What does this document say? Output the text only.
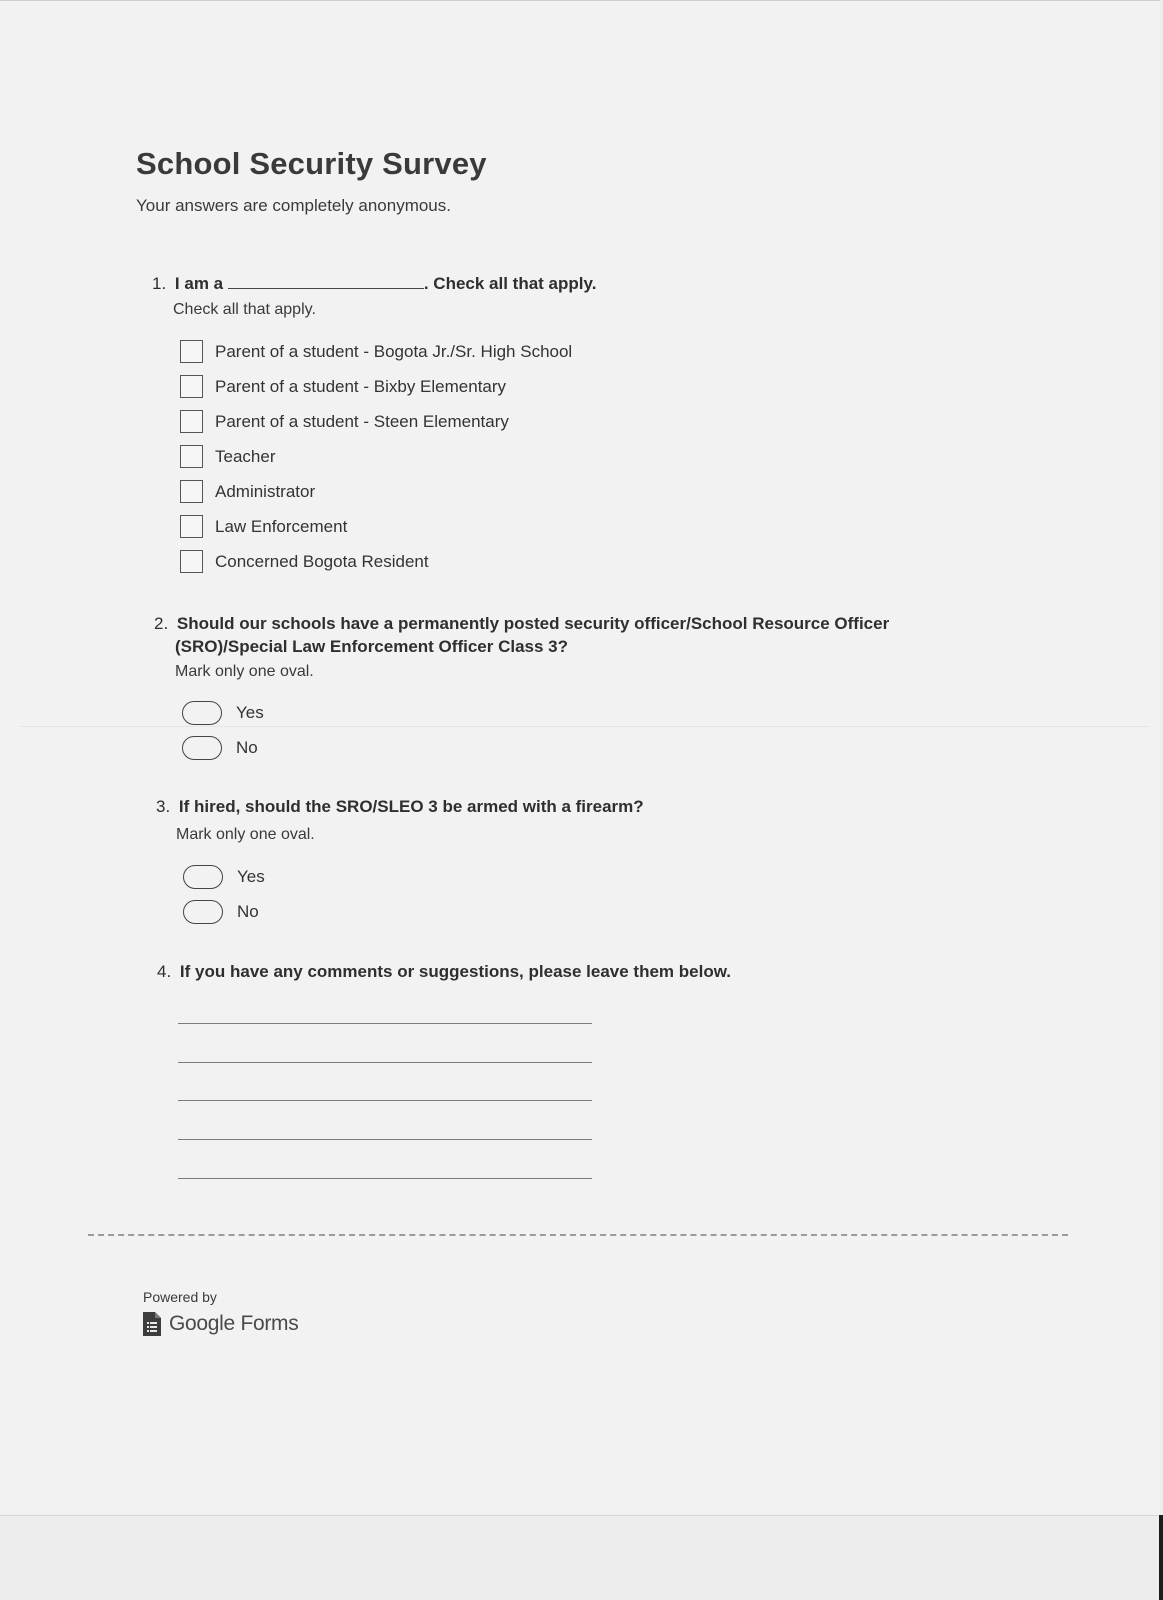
School Security Survey
Your answers are completely anonymous.
1. I am a	. Check all that apply.
Check all that apply.
Parent of a student - Bogota Jr./Sr. High School
Parent of a student - Bixby Elementary
Parent of a student - Steen Elementary
Teacher
Administrator
Law Enforcement
Concerned Bogota Resident
2. Should our schools have a permanently posted security officer/School Resource Officer
(SRO)/Special Law Enforcement Officer Class 3?
Mark only one oval.
Yes
No
3. If hired, should the SRO/SLEO 3 be armed with a firearm?
Mark only one oval.
Yes
No
4. If you have any comments or suggestions, please leave them below.
Powered by
Google Forms
